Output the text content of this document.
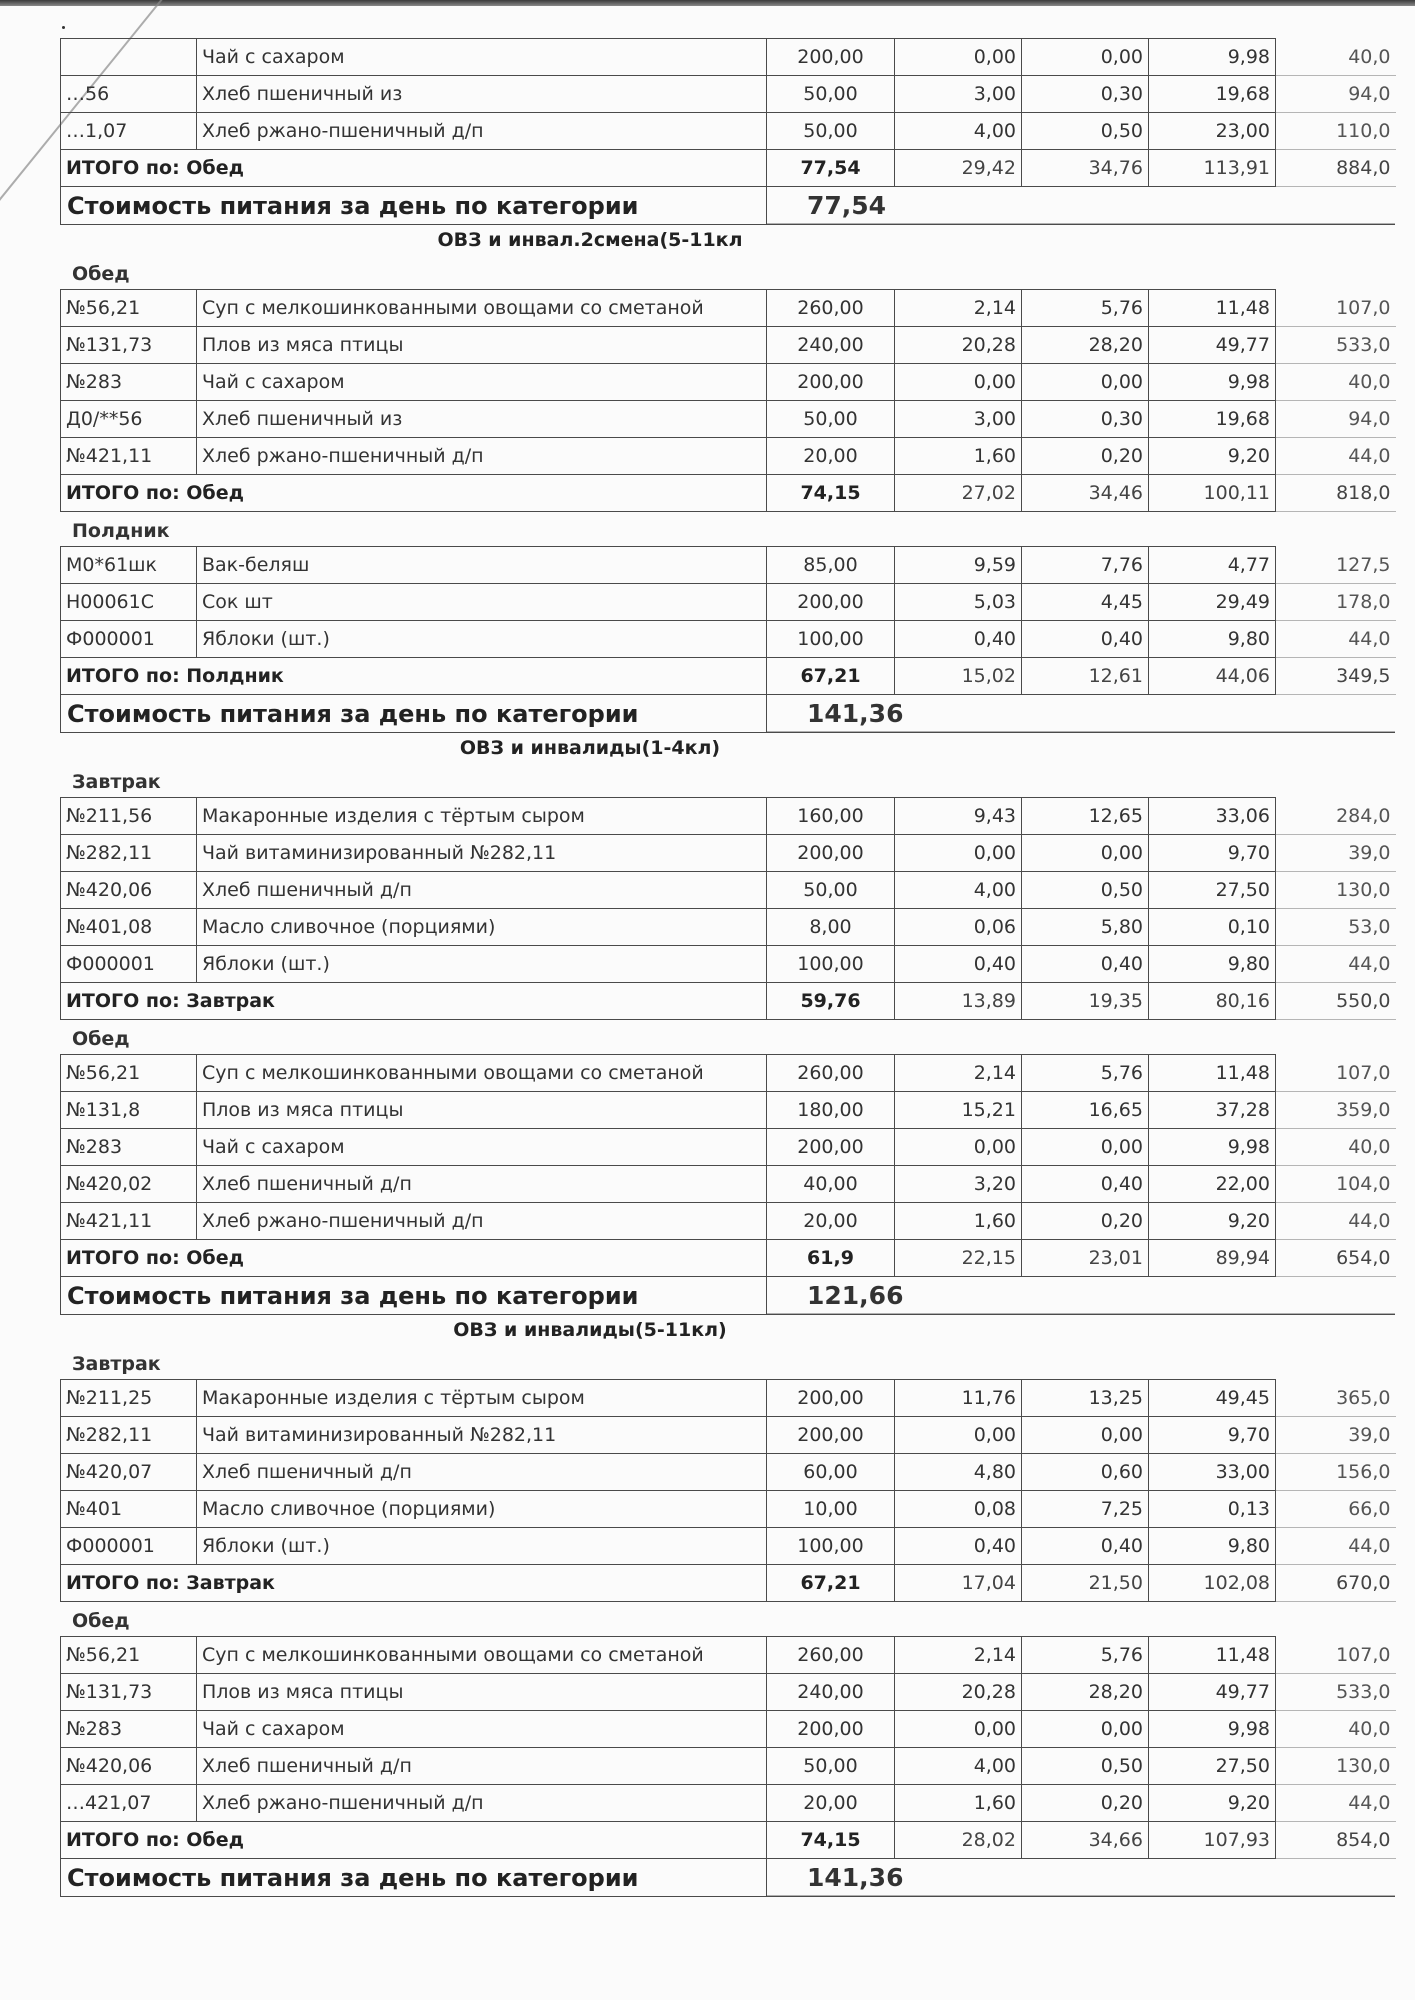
	Чай с сахаром	200,00	0,00	0,00	9,98	40,0
…56	Хлеб пшеничный из	50,00	3,00	0,30	19,68	94,0
…1,07	Хлеб ржано-пшеничный д/п	50,00	4,00	0,50	23,00	110,0
ИТОГО по: Обед		77,54	29,42	34,76	113,91	884,0
Стоимость питания за день по категории	77,54
ОВЗ и инвал.2смена(5-11кл
Обед
№56,21	Суп с мелкошинкованными овощами со сметаной	260,00	2,14	5,76	11,48	107,0
№131,73	Плов из мяса птицы	240,00	20,28	28,20	49,77	533,0
№283	Чай с сахаром	200,00	0,00	0,00	9,98	40,0
Д0/**56	Хлеб пшеничный из	50,00	3,00	0,30	19,68	94,0
№421,11	Хлеб ржано-пшеничный д/п	20,00	1,60	0,20	9,20	44,0
ИТОГО по: Обед		74,15	27,02	34,46	100,11	818,0
Полдник
М0*61шк	Вак-беляш	85,00	9,59	7,76	4,77	127,5
Н00061С	Сок шт	200,00	5,03	4,45	29,49	178,0
Ф000001	Яблоки (шт.)	100,00	0,40	0,40	9,80	44,0
ИТОГО по: Полдник		67,21	15,02	12,61	44,06	349,5
Стоимость питания за день по категории	141,36
ОВЗ и инвалиды(1-4кл)
Завтрак
№211,56	Макаронные изделия с тёртым сыром	160,00	9,43	12,65	33,06	284,0
№282,11	Чай витаминизированный №282,11	200,00	0,00	0,00	9,70	39,0
№420,06	Хлеб пшеничный д/п	50,00	4,00	0,50	27,50	130,0
№401,08	Масло сливочное (порциями)	8,00	0,06	5,80	0,10	53,0
Ф000001	Яблоки (шт.)	100,00	0,40	0,40	9,80	44,0
ИТОГО по: Завтрак		59,76	13,89	19,35	80,16	550,0
Обед
№56,21	Суп с мелкошинкованными овощами со сметаной	260,00	2,14	5,76	11,48	107,0
№131,8	Плов из мяса птицы	180,00	15,21	16,65	37,28	359,0
№283	Чай с сахаром	200,00	0,00	0,00	9,98	40,0
№420,02	Хлеб пшеничный д/п	40,00	3,20	0,40	22,00	104,0
№421,11	Хлеб ржано-пшеничный д/п	20,00	1,60	0,20	9,20	44,0
ИТОГО по: Обед		61,9	22,15	23,01	89,94	654,0
Стоимость питания за день по категории	121,66
ОВЗ и инвалиды(5-11кл)
Завтрак
№211,25	Макаронные изделия с тёртым сыром	200,00	11,76	13,25	49,45	365,0
№282,11	Чай витаминизированный №282,11	200,00	0,00	0,00	9,70	39,0
№420,07	Хлеб пшеничный д/п	60,00	4,80	0,60	33,00	156,0
№401	Масло сливочное (порциями)	10,00	0,08	7,25	0,13	66,0
Ф000001	Яблоки (шт.)	100,00	0,40	0,40	9,80	44,0
ИТОГО по: Завтрак		67,21	17,04	21,50	102,08	670,0
Обед
№56,21	Суп с мелкошинкованными овощами со сметаной	260,00	2,14	5,76	11,48	107,0
№131,73	Плов из мяса птицы	240,00	20,28	28,20	49,77	533,0
№283	Чай с сахаром	200,00	0,00	0,00	9,98	40,0
№420,06	Хлеб пшеничный д/п	50,00	4,00	0,50	27,50	130,0
…421,07	Хлеб ржано-пшеничный д/п	20,00	1,60	0,20	9,20	44,0
ИТОГО по: Обед		74,15	28,02	34,66	107,93	854,0
Стоимость питания за день по категории	141,36
